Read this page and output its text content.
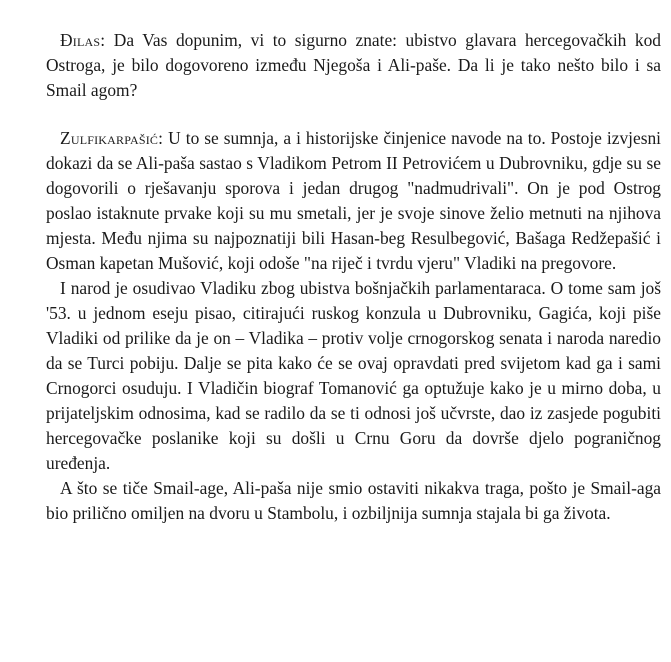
Đilas: Da Vas dopunim, vi to sigurno znate: ubistvo glavara hercegovačkih kod Ostroga, je bilo dogovoreno između Njegoša i Ali-paše. Da li je tako nešto bilo i sa Smail agom?

Zulfikarpašić: U to se sumnja, a i historijske činjenice navode na to. Postoje izvjesni dokazi da se Ali-paša sastao s Vladikom Petrom II Petrovićem u Dubrovniku, gdje su se dogovorili o rješavanju sporova i jedan drugog "nadmudrivali". On je pod Ostrog poslao istaknute prvake koji su mu smetali, jer je svoje sinove želio metnuti na njihova mjesta. Među njima su najpoznatiji bili Hasan-beg Resulbegović, Bašaga Redžepašić i Osman kapetan Mušović, koji odoše "na riječ i tvrdu vjeru" Vladiki na pregovore.

I narod je osudivao Vladiku zbog ubistva bošnjačkih parlamentaraca. O tome sam još '53. u jednom eseju pisao, citirajući ruskog konzula u Dubrovniku, Gagića, koji piše Vladiki od prilike da je on – Vladika – protiv volje crnogorskog senata i naroda naredio da se Turci pobiju. Dalje se pita kako će se ovaj opravdati pred svijetom kad ga i sami Crnogorci osuduju. I Vladičin biograf Tomanović ga optužuje kako je u mirno doba, u prijateljskim odnosima, kad se radilo da se ti odnosi još učvrste, dao iz zasjede pogubiti hercegovačke poslanike koji su došli u Crnu Goru da dovrše djelo pograničnog uređenja.

A što se tiče Smail-age, Ali-paša nije smio ostaviti nikakva traga, pošto je Smail-aga bio prilično omiljen na dvoru u Stambolu, i ozbiljnija sumnja stajala bi ga života.
